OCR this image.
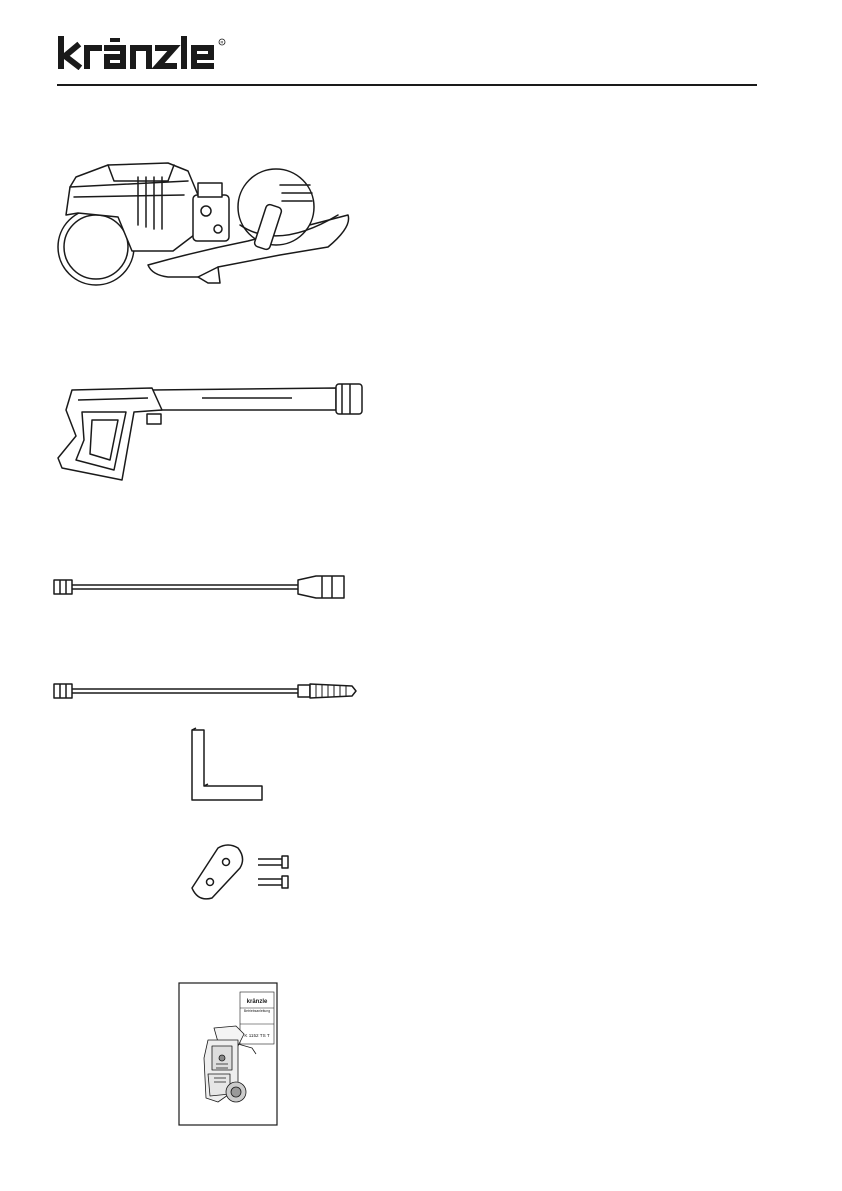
R
kränzle
Betriebsanleitung
K 1152 TS T
